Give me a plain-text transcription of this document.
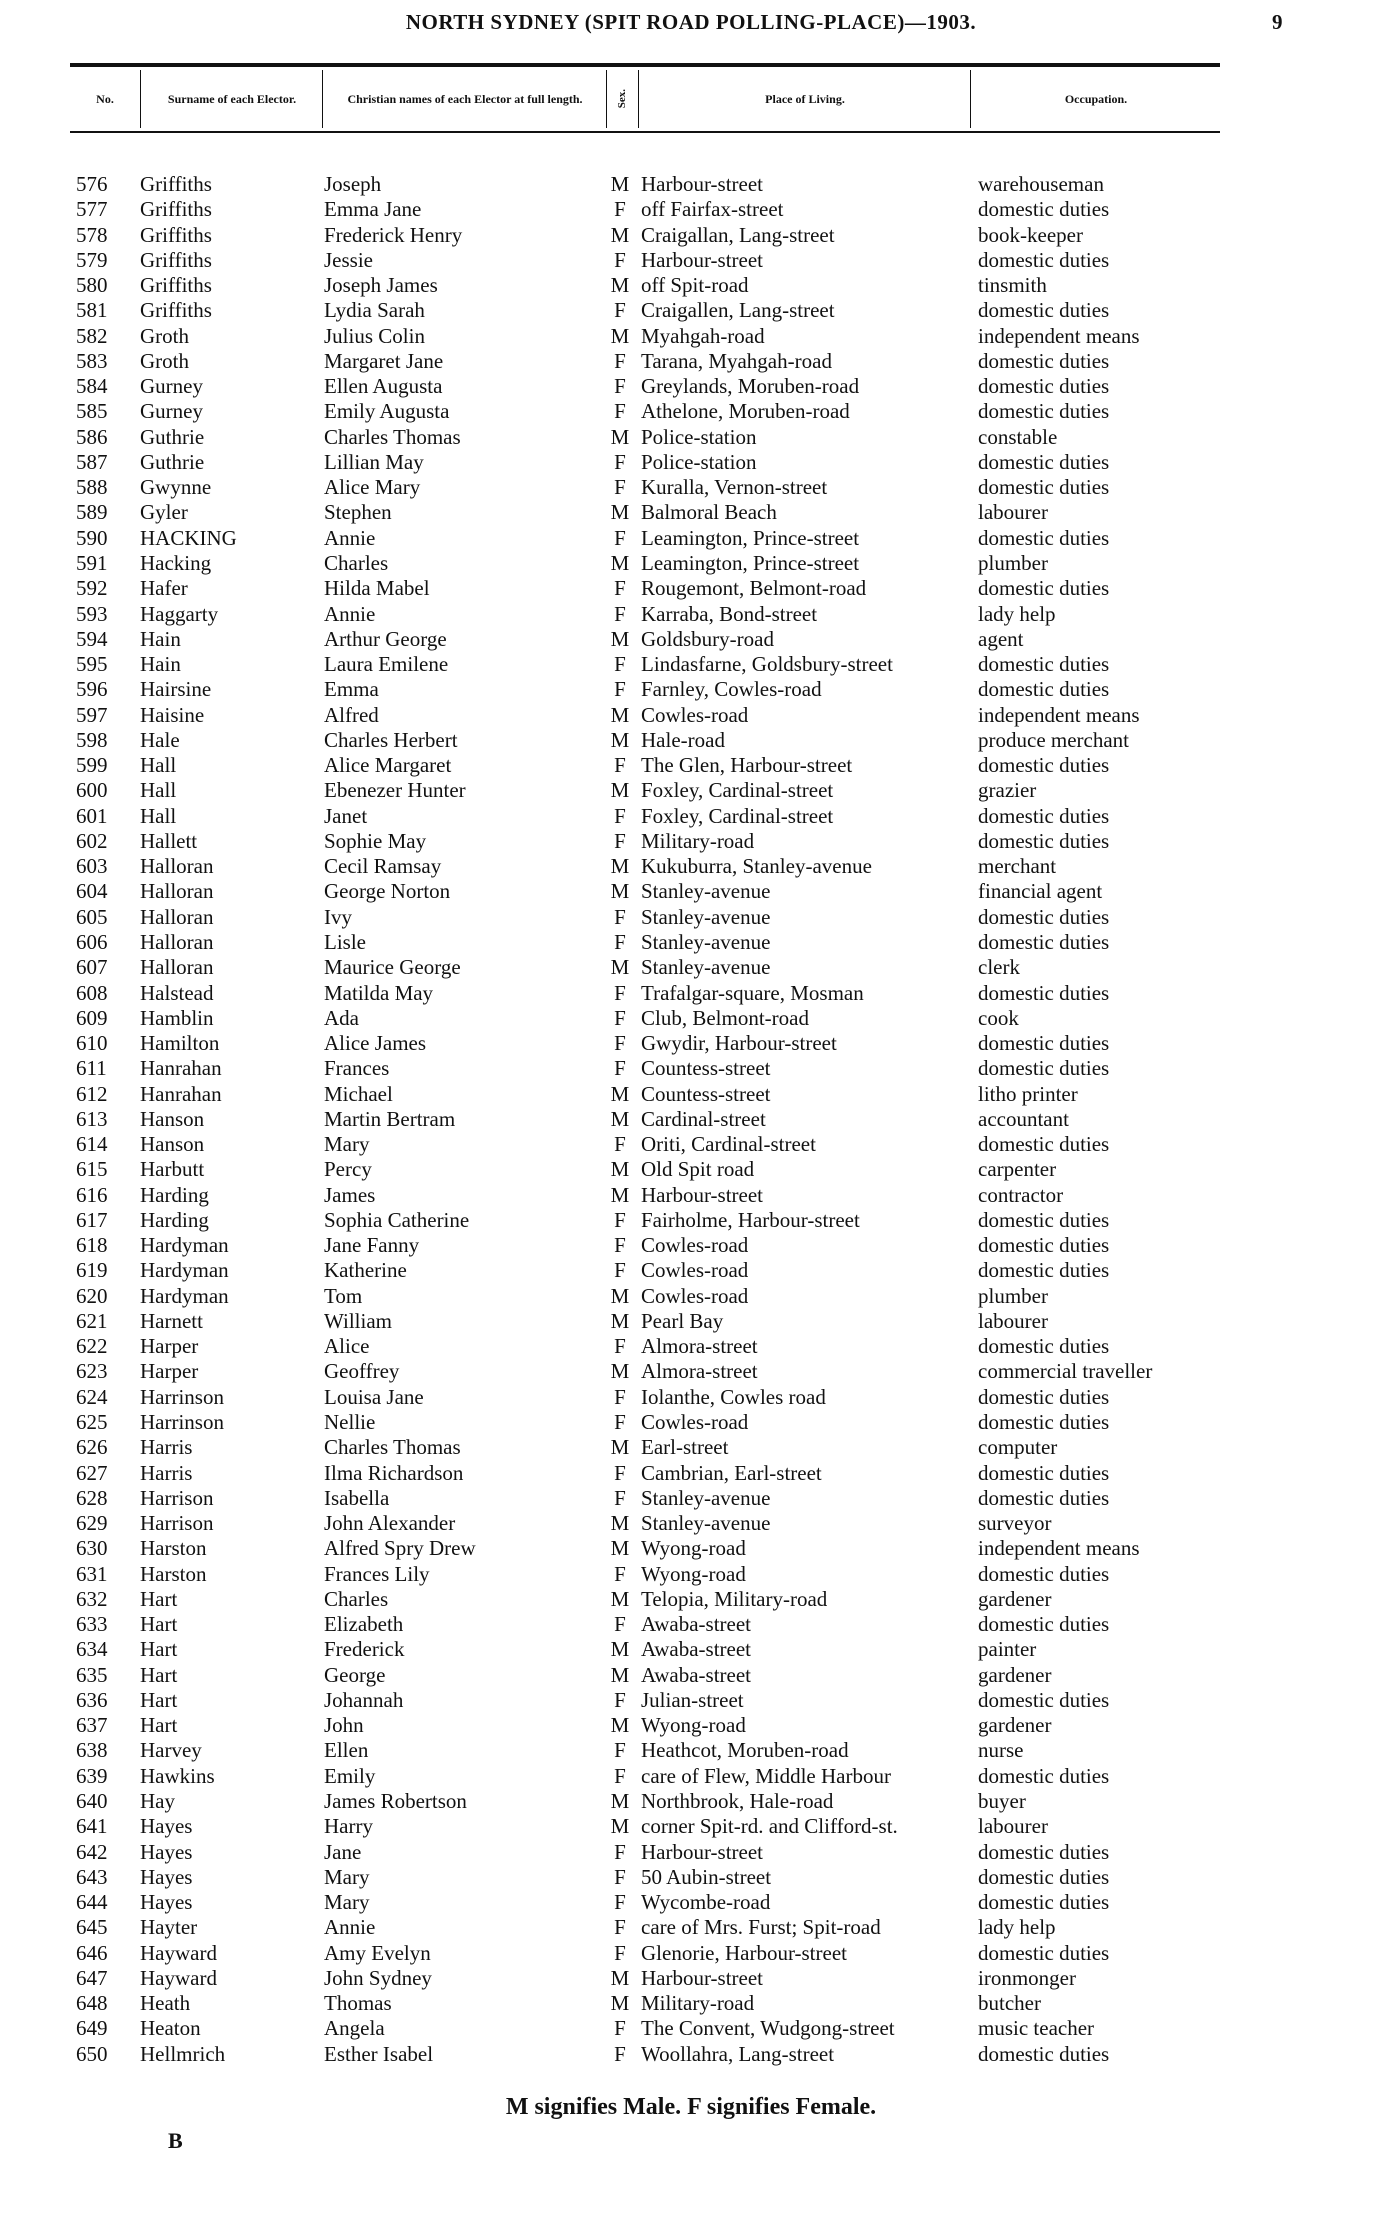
NORTH SYDNEY (SPIT ROAD POLLING-PLACE)—1903.	9
No.	Surname of each Elector.	Christian names of each Elector at full length.	Sex.	Place of Living.	Occupation.
576 Griffiths	Joseph	M Harbour-street	warehouseman
577 Griffiths	Emma Jane	F off Fairfax-street	domestic duties
578 Griffiths	Frederick Henry	M Craigallan, Lang-street	book-keeper
579 Griffiths	Jessie	F Harbour-street	domestic duties
580 Griffiths	Joseph James	M off Spit-road	tinsmith
581 Griffiths	Lydia Sarah	F Craigallen, Lang-street	domestic duties
582 Groth	Julius Colin	M Myahgah-road	independent means
583 Groth	Margaret Jane	F Tarana, Myahgah-road	domestic duties
584 Gurney	Ellen Augusta	F Greylands, Moruben-road	domestic duties
585 Gurney	Emily Augusta	F Athelone, Moruben-road	domestic duties
586 Guthrie	Charles Thomas	M Police-station	constable
587 Guthrie	Lillian May	F Police-station	domestic duties
588 Gwynne	Alice Mary	F Kuralla, Vernon-street	domestic duties
589 Gyler	Stephen	M Balmoral Beach	labourer
590 HACKING	Annie	F Leamington, Prince-street	domestic duties
591 Hacking	Charles	M Leamington, Prince-street	plumber
592 Hafer	Hilda Mabel	F Rougemont, Belmont-road	domestic duties
593 Haggarty	Annie	F Karraba, Bond-street	lady help
594 Hain	Arthur George	M Goldsbury-road	agent
595 Hain	Laura Emilene	F Lindasfarne, Goldsbury-street	domestic duties
596 Hairsine	Emma	F Farnley, Cowles-road	domestic duties
597 Haisine	Alfred	M Cowles-road	independent means
598 Hale	Charles Herbert	M Hale-road	produce merchant
599 Hall	Alice Margaret	F The Glen, Harbour-street	domestic duties
600 Hall	Ebenezer Hunter	M Foxley, Cardinal-street	grazier
601 Hall	Janet	F Foxley, Cardinal-street	domestic duties
602 Hallett	Sophie May	F Military-road	domestic duties
603 Halloran	Cecil Ramsay	M Kukuburra, Stanley-avenue	merchant
604 Halloran	George Norton	M Stanley-avenue	financial agent
605 Halloran	Ivy	F Stanley-avenue	domestic duties
606 Halloran	Lisle	F Stanley-avenue	domestic duties
607 Halloran	Maurice George	M Stanley-avenue	clerk
608 Halstead	Matilda May	F Trafalgar-square, Mosman	domestic duties
609 Hamblin	Ada	F Club, Belmont-road	cook
610 Hamilton	Alice James	F Gwydir, Harbour-street	domestic duties
611 Hanrahan	Frances	F Countess-street	domestic duties
612 Hanrahan	Michael	M Countess-street	litho printer
613 Hanson	Martin Bertram	M Cardinal-street	accountant
614 Hanson	Mary	F Oriti, Cardinal-street	domestic duties
615 Harbutt	Percy	M Old Spit road	carpenter
616 Harding	James	M Harbour-street	contractor
617 Harding	Sophia Catherine	F Fairholme, Harbour-street	domestic duties
618 Hardyman	Jane Fanny	F Cowles-road	domestic duties
619 Hardyman	Katherine	F Cowles-road	domestic duties
620 Hardyman	Tom	M Cowles-road	plumber
621 Harnett	William	M Pearl Bay	labourer
622 Harper	Alice	F Almora-street	domestic duties
623 Harper	Geoffrey	M Almora-street	commercial traveller
624 Harrinson	Louisa Jane	F Iolanthe, Cowles road	domestic duties
625 Harrinson	Nellie	F Cowles-road	domestic duties
626 Harris	Charles Thomas	M Earl-street	computer
627 Harris	Ilma Richardson	F Cambrian, Earl-street	domestic duties
628 Harrison	Isabella	F Stanley-avenue	domestic duties
629 Harrison	John Alexander	M Stanley-avenue	surveyor
630 Harston	Alfred Spry Drew	M Wyong-road	independent means
631 Harston	Frances Lily	F Wyong-road	domestic duties
632 Hart	Charles	M Telopia, Military-road	gardener
633 Hart	Elizabeth	F Awaba-street	domestic duties
634 Hart	Frederick	M Awaba-street	painter
635 Hart	George	M Awaba-street	gardener
636 Hart	Johannah	F Julian-street	domestic duties
637 Hart	John	M Wyong-road	gardener
638 Harvey	Ellen	F Heathcot, Moruben-road	nurse
639 Hawkins	Emily	F care of Flew, Middle Harbour	domestic duties
640 Hay	James Robertson	M Northbrook, Hale-road	buyer
641 Hayes	Harry	M corner Spit-rd. and Clifford-st.	labourer
642 Hayes	Jane	F Harbour-street	domestic duties
643 Hayes	Mary	F 50 Aubin-street	domestic duties
644 Hayes	Mary	F Wycombe-road	domestic duties
645 Hayter	Annie	F care of Mrs. Furst; Spit-road	lady help
646 Hayward	Amy Evelyn	F Glenorie, Harbour-street	domestic duties
647 Hayward	John Sydney	M Harbour-street	ironmonger
648 Heath	Thomas	M Military-road	butcher
649 Heaton	Angela	F The Convent, Wudgong-street	music teacher
650 Hellmrich	Esther Isabel	F Woollahra, Lang-street	domestic duties
M signifies Male. F signifies Female.
B
